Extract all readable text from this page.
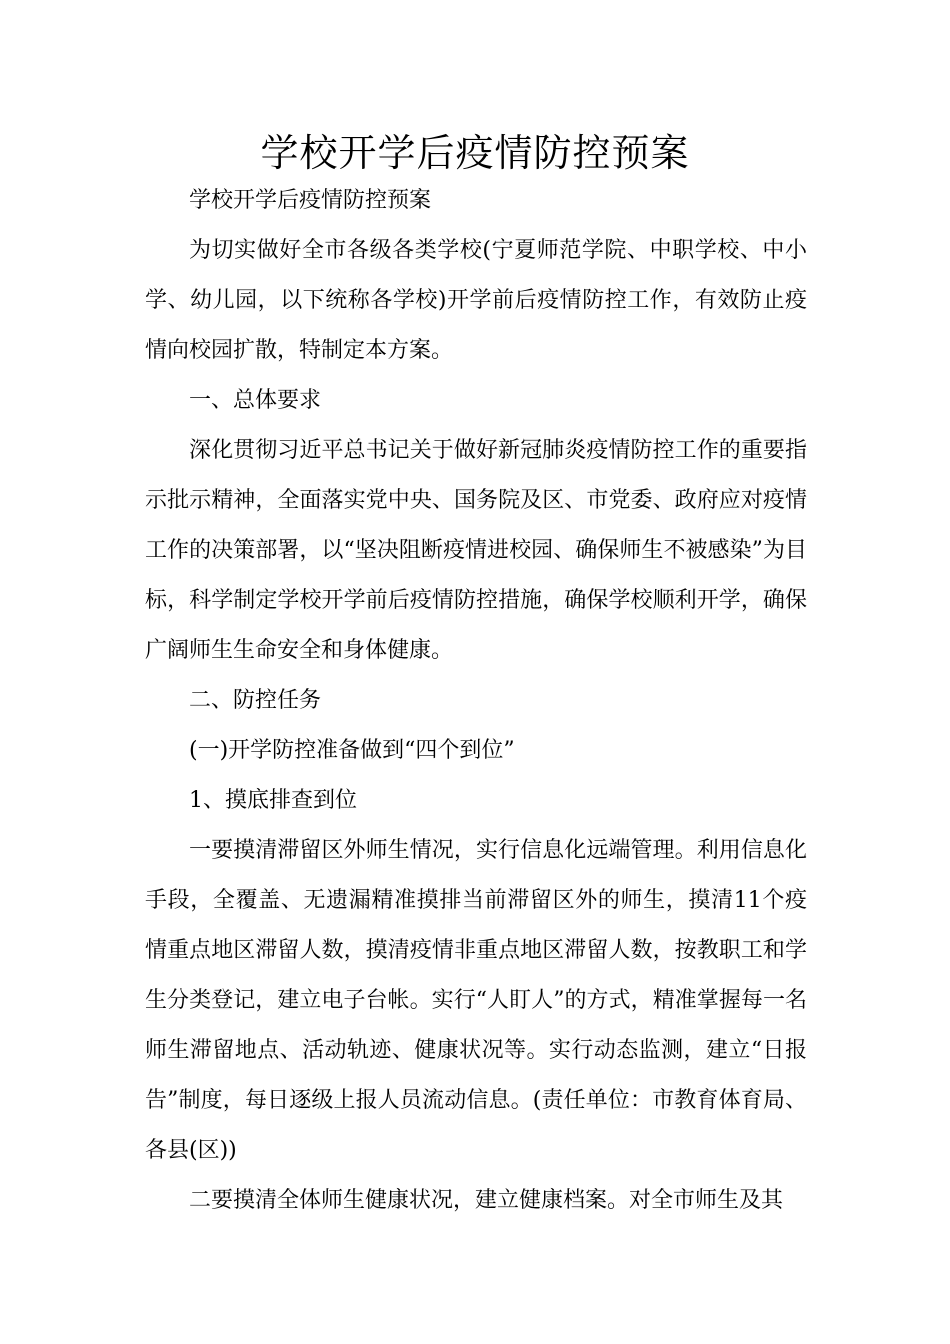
学校开学后疫情防控预案

学校开学后疫情防控预案

为切实做好全市各级各类学校(宁夏师范学院、中职学校、中小学、幼儿园，以下统称各学校)开学前后疫情防控工作，有效防止疫情向校园扩散，特制定本方案。

一、总体要求

深化贯彻习近平总书记关于做好新冠肺炎疫情防控工作的重要指示批示精神，全面落实党中央、国务院及区、市党委、政府应对疫情工作的决策部署，以“坚决阻断疫情进校园、确保师生不被感染”为目标，科学制定学校开学前后疫情防控措施，确保学校顺利开学，确保广阔师生生命安全和身体健康。

二、防控任务

(一)开学防控准备做到“四个到位”

1、摸底排查到位

一要摸清滞留区外师生情况，实行信息化远端管理。利用信息化手段，全覆盖、无遗漏精准摸排当前滞留区外的师生，摸清11个疫情重点地区滞留人数，摸清疫情非重点地区滞留人数，按教职工和学生分类登记，建立电子台帐。实行“人盯人”的方式，精准掌握每一名师生滞留地点、活动轨迹、健康状况等。实行动态监测，建立“日报告”制度，每日逐级上报人员流动信息。(责任单位：市教育体育局、各县(区))

二要摸清全体师生健康状况，建立健康档案。对全市师生及其
